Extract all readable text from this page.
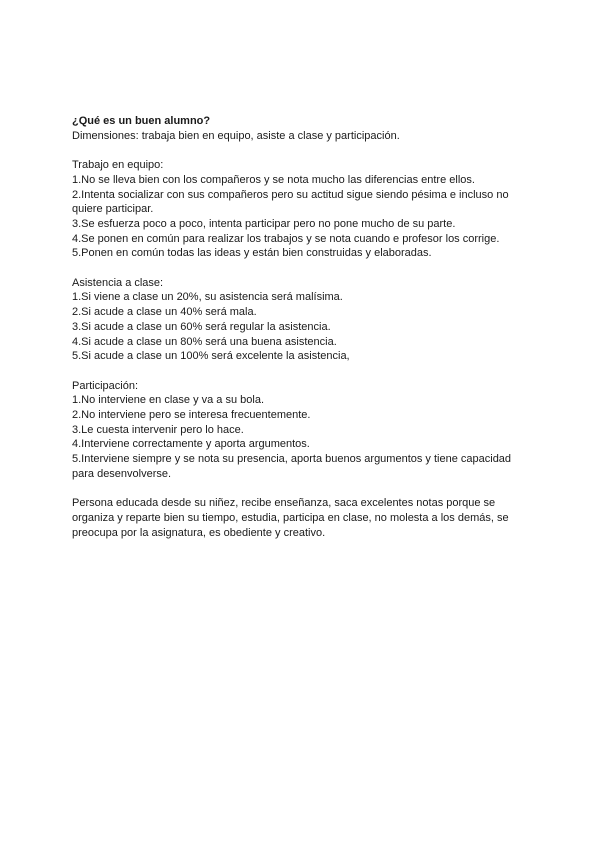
¿Qué es un buen alumno?

Dimensiones: trabaja bien en equipo, asiste a clase y participación.

Trabajo en equipo:

1.No se lleva bien con los compañeros y se nota mucho las diferencias entre ellos.
2.Intenta socializar con sus compañeros pero su actitud sigue siendo pésima e incluso no quiere participar.
3.Se esfuerza poco a poco, intenta participar pero no pone mucho de su parte.
4.Se ponen en común para realizar los trabajos y se nota cuando e profesor los corrige.
5.Ponen en común todas las ideas y están bien construidas y elaboradas.

Asistencia a clase:

1.Si viene a clase un 20%, su asistencia será malísima.
2.Si acude a clase un 40% será mala.
3.Si acude a clase un 60% será regular la asistencia.
4.Si acude a clase un 80% será una buena asistencia.
5.Si acude a clase un 100% será excelente la asistencia,

Participación:

1.No interviene en clase y va a su bola.
2.No interviene pero se interesa frecuentemente.
3.Le cuesta intervenir pero lo hace.
4.Interviene correctamente y aporta argumentos.
5.Interviene siempre y se nota su presencia, aporta buenos argumentos y tiene capacidad para desenvolverse.

Persona educada desde su niñez, recibe enseñanza, saca excelentes notas porque se organiza y reparte bien su tiempo, estudia, participa en clase, no molesta a los demás, se preocupa por la asignatura, es obediente y creativo.
